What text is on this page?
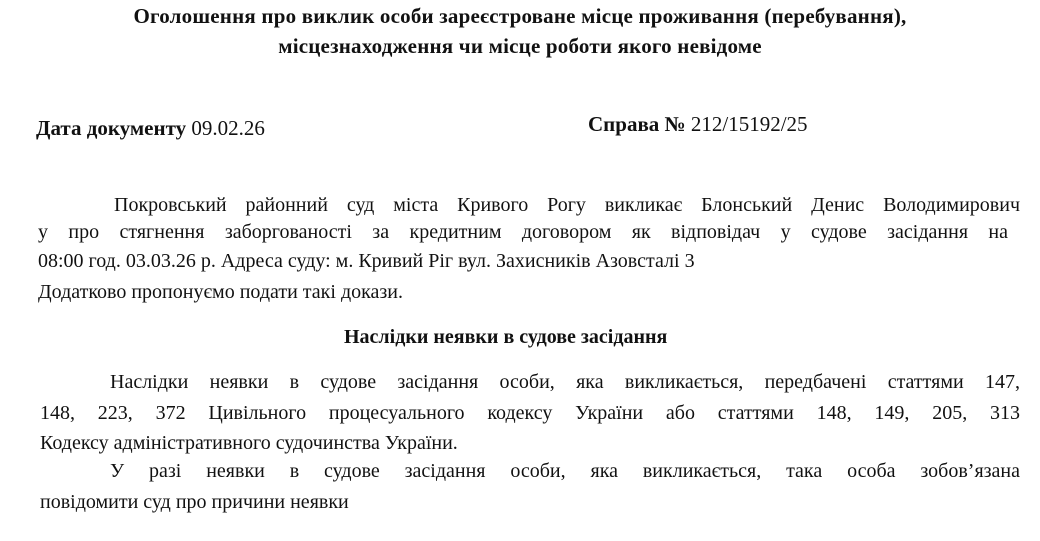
Оголошення про виклик особи зареєстроване місце проживання (перебування),
місцезнаходження чи місце роботи якого невідоме
Дата документу 09.02.26	Справа № 212/15192/25
Покровський районний суд міста Кривого Рогу викликає Блонський Денис Володимирович
у про стягнення заборгованості за кредитним договором як відповідач у судове засідання на
08:00 год. 03.03.26 р. Адреса суду: м. Кривий Ріг вул. Захисників Азовсталі 3
Додатково пропонуємо подати такі докази.
Наслідки неявки в судове засідання
Наслідки неявки в судове засідання особи, яка викликається, передбачені статтями 147,
148, 223, 372 Цивільного процесуального кодексу України або статтями 148, 149, 205, 313
Кодексу адміністративного судочинства України.
У разі неявки в судове засідання особи, яка викликається, така особа зобов’язана
повідомити суд про причини неявки
